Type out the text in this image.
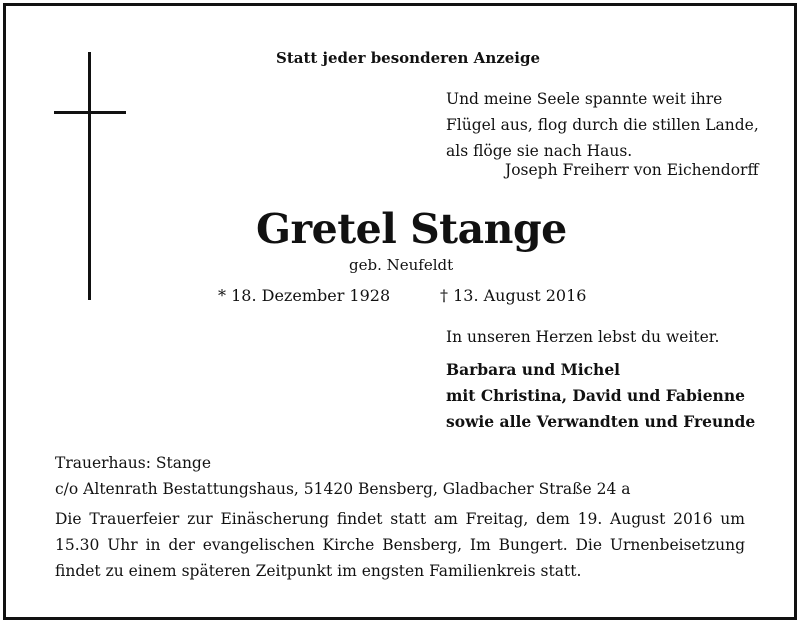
Statt jeder besonderen Anzeige
Und meine Seele spannte weit ihre
Flügel aus, flog durch die stillen Lande,
als flöge sie nach Haus.
Joseph Freiherr von Eichendorff
Gretel Stange
geb. Neufeldt
* 18. Dezember 1928	† 13. August 2016
In unseren Herzen lebst du weiter.
Barbara und Michel
mit Christina, David und Fabienne
sowie alle Verwandten und Freunde
Trauerhaus: Stange
c/o Altenrath Bestattungshaus, 51420 Bensberg, Gladbacher Straße 24 a
Die Trauerfeier zur Einäscherung findet statt am Freitag, dem 19. August 2016 um 15.30 Uhr in der evangelischen Kirche Bensberg, Im Bungert. Die Urnenbeisetzung findet zu einem späteren Zeitpunkt im engsten Familienkreis statt.
